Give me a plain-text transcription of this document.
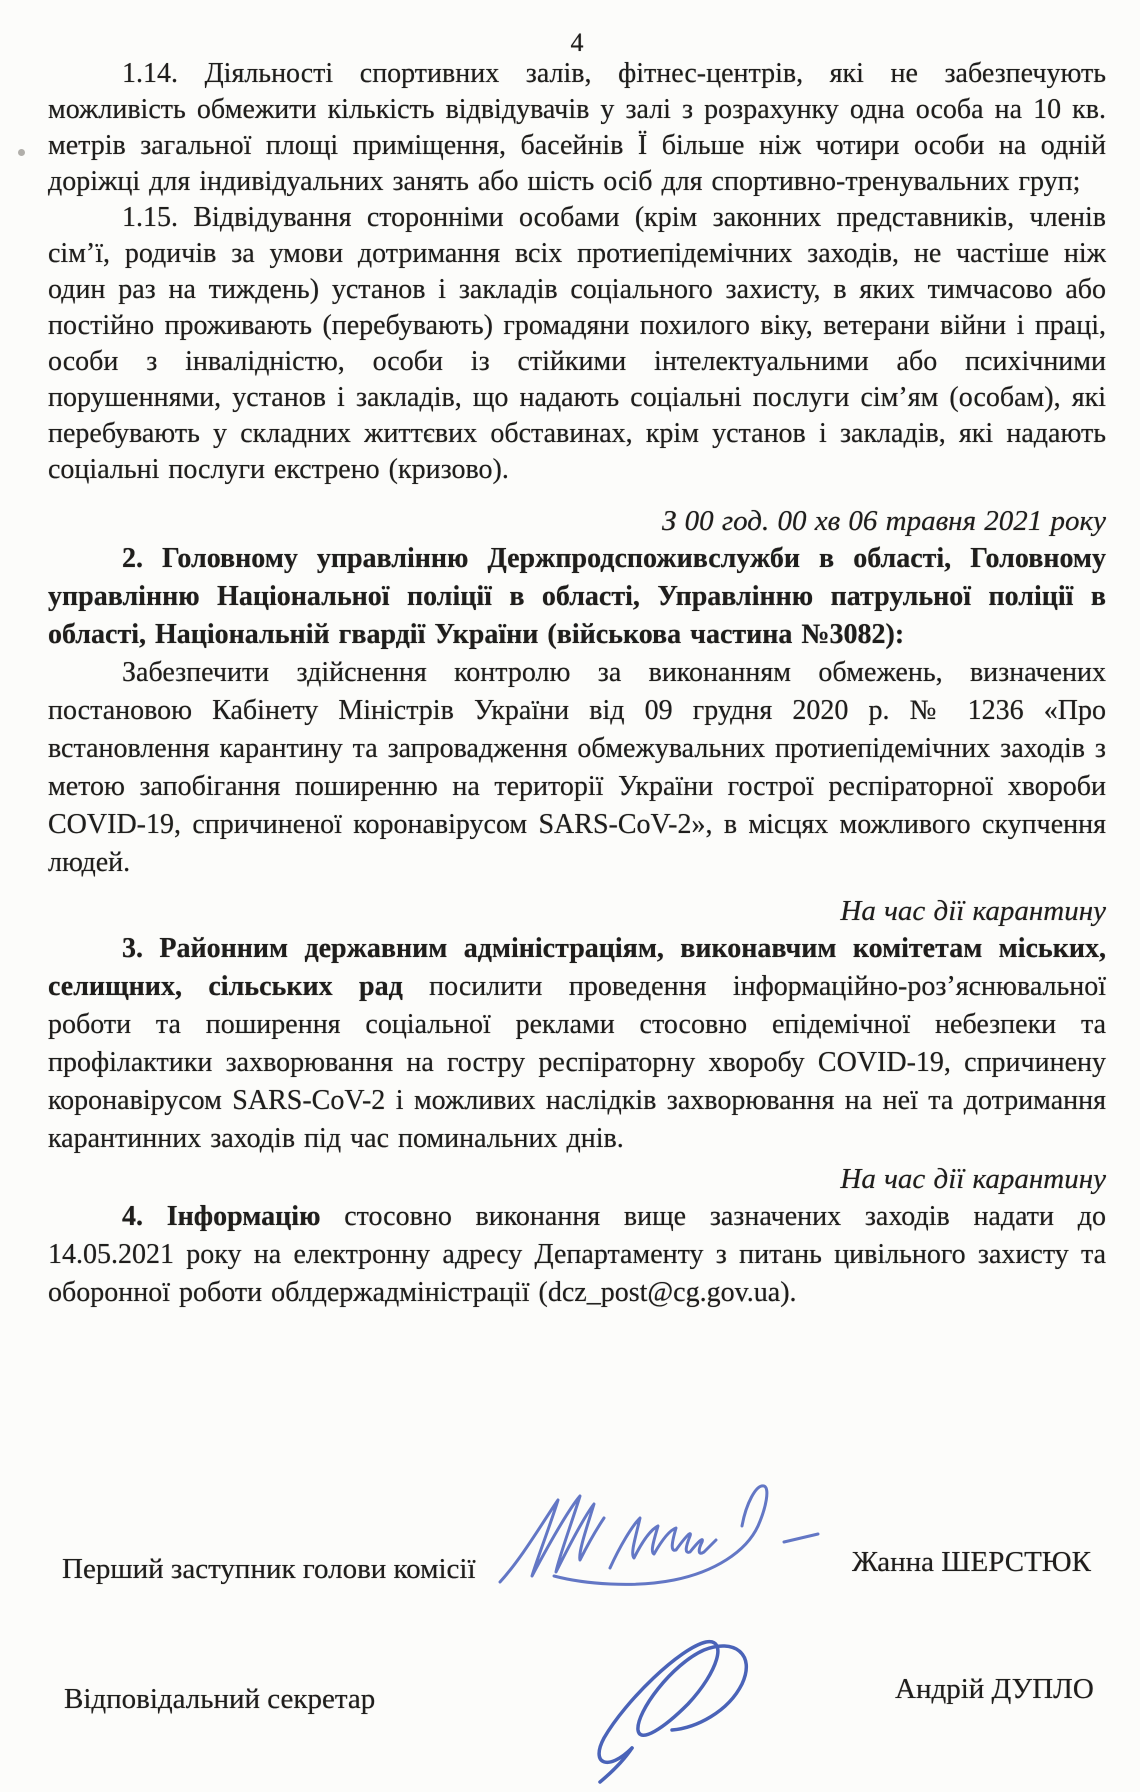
4

1.14. Діяльності спортивних залів, фітнес-центрів, які не забезпечують можливість обмежити кількість відвідувачів у залі з розрахунку одна особа на 10 кв. метрів загальної площі приміщення, басейнів Ї більше ніж чотири особи на одній доріжці для індивідуальних занять або шість осіб для спортивно-тренувальних груп;

1.15. Відвідування сторонніми особами (крім законних представників, членів сім’ї, родичів за умови дотримання всіх протиепідемічних заходів, не частіше ніж один раз на тиждень) установ і закладів соціального захисту, в яких тимчасово або постійно проживають (перебувають) громадяни похилого віку, ветерани війни і праці, особи з інвалідністю, особи із стійкими інтелектуальними або психічними порушеннями, установ і закладів, що надають соціальні послуги сім’ям (особам), які перебувають у складних життєвих обставинах, крім установ і закладів, які надають соціальні послуги екстрено (кризово).

З 00 год. 00 хв 06 травня 2021 року

2. Головному управлінню Держпродспоживслужби в області, Головному управлінню Національної поліції в області, Управлінню патрульної поліції в області, Національній гвардії України (військова частина №3082):

Забезпечити здійснення контролю за виконанням обмежень, визначених постановою Кабінету Міністрів України від 09 грудня 2020 р. № 1236 «Про встановлення карантину та запровадження обмежувальних протиепідемічних заходів з метою запобігання поширенню на території України гострої респіраторної хвороби COVID-19, спричиненої коронавірусом SARS-CoV-2», в місцях можливого скупчення людей.

На час дії карантину

3. Районним державним адміністраціям, виконавчим комітетам міських, селищних, сільських рад посилити проведення інформаційно-роз’яснювальної роботи та поширення соціальної реклами стосовно епідемічної небезпеки та профілактики захворювання на гостру респіраторну хворобу COVID-19, спричинену коронавірусом SARS-CoV-2 і можливих наслідків захворювання на неї та дотримання карантинних заходів під час поминальних днів.

На час дії карантину

4. Інформацію стосовно виконання вище зазначених заходів надати до 14.05.2021 року на електронну адресу Департаменту з питань цивільного захисту та оборонної роботи облдержадміністрації (dcz_post@cg.gov.ua).

Перший заступник голови комісії	Жанна ШЕРСТЮК

Відповідальний секретар	Андрій ДУПЛО
